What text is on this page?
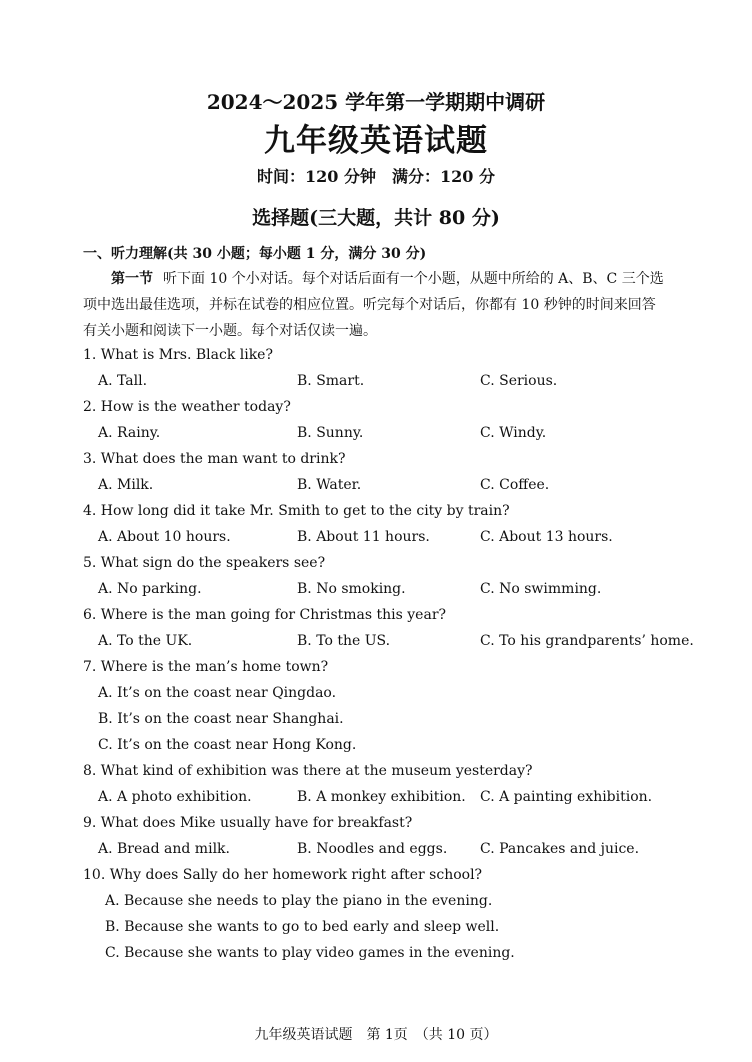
2024～2025 学年第一学期期中调研
九年级英语试题
时间：120 分钟　满分：120 分
选择题(三大题，共计 80 分)
一、听力理解(共 30 小题；每小题 1 分，满分 30 分)
第一节 听下面 10 个小对话。每个对话后面有一个小题，从题中所给的 A、B、C 三个选项中选出最佳选项，并标在试卷的相应位置。听完每个对话后，你都有 10 秒钟的时间来回答有关小题和阅读下一小题。每个对话仅读一遍。
1. What is Mrs. Black like?
A. Tall.	B. Smart.	C. Serious.
2. How is the weather today?
A. Rainy.	B. Sunny.	C. Windy.
3. What does the man want to drink?
A. Milk.	B. Water.	C. Coffee.
4. How long did it take Mr. Smith to get to the city by train?
A. About 10 hours.	B. About 11 hours.	C. About 13 hours.
5. What sign do the speakers see?
A. No parking.	B. No smoking.	C. No swimming.
6. Where is the man going for Christmas this year?
A. To the UK.	B. To the US.	C. To his grandparents’ home.
7. Where is the man’s home town?
A. It’s on the coast near Qingdao.
B. It’s on the coast near Shanghai.
C. It’s on the coast near Hong Kong.
8. What kind of exhibition was there at the museum yesterday?
A. A photo exhibition.	B. A monkey exhibition. C. A painting exhibition.
9. What does Mike usually have for breakfast?
A. Bread and milk.	B. Noodles and eggs. C. Pancakes and juice.
10. Why does Sally do her homework right after school?
A. Because she needs to play the piano in the evening.
B. Because she wants to go to bed early and sleep well.
C. Because she wants to play video games in the evening.
九年级英语试题　第 1页　（共 10 页）
